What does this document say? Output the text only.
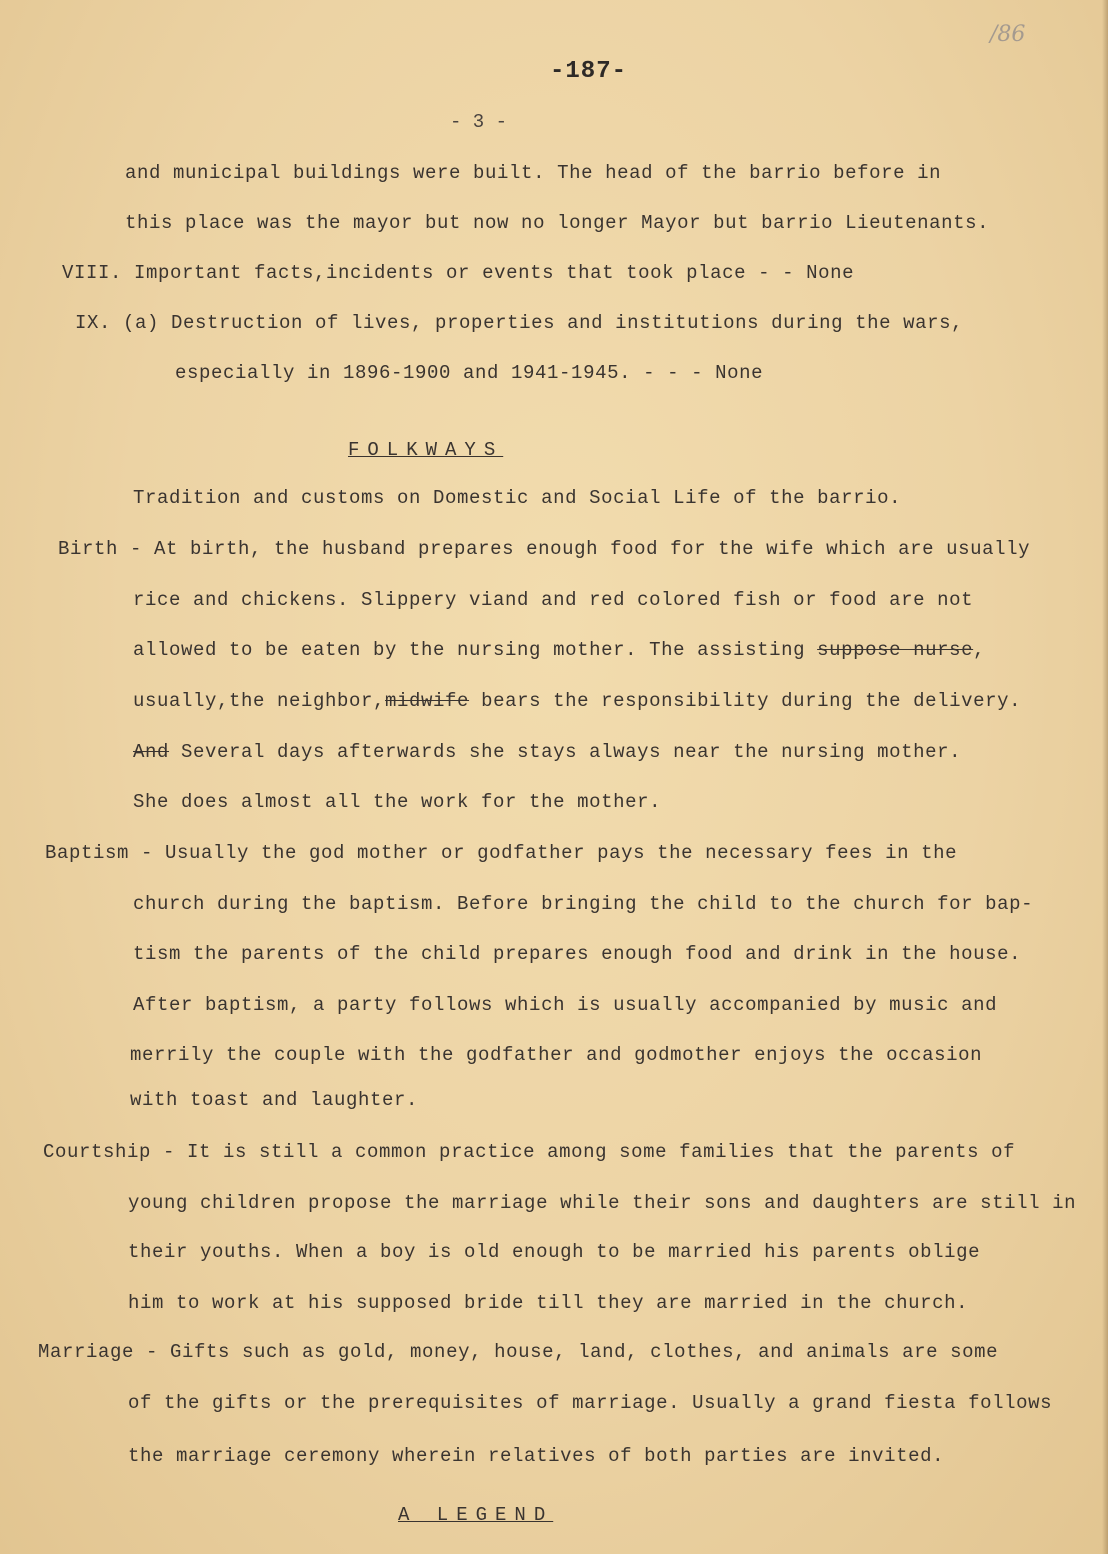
/86
-187-
- 3 -
and municipal buildings were built. The head of the barrio before in
this place was the mayor but now no longer Mayor but barrio Lieutenants.
VIII. Important facts,incidents or events that took place - - None
IX. (a) Destruction of lives, properties and institutions during the wars,
especially in 1896-1900 and 1941-1945. - - - None
FOLKWAYS
Tradition and customs on Domestic and Social Life of the barrio.
Birth - At birth, the husband prepares enough food for the wife which are usually
rice and chickens. Slippery viand and red colored fish or food are not
allowed to be eaten by the nursing mother. The assisting suppose nurse,
usually,the neighbor,midwife bears the responsibility during the delivery.
And Several days afterwards she stays always near the nursing mother.
She does almost all the work for the mother.
Baptism - Usually the god mother or godfather pays the necessary fees in the
church during the baptism. Before bringing the child to the church for bap-
tism the parents of the child prepares enough food and drink in the house.
After baptism, a party follows which is usually accompanied by music and
merrily the couple with the godfather and godmother enjoys the occasion
with toast and laughter.
Courtship - It is still a common practice among some families that the parents of
young children propose the marriage while their sons and daughters are still in
their youths. When a boy is old enough to be married his parents oblige
him to work at his supposed bride till they are married in the church.
Marriage - Gifts such as gold, money, house, land, clothes, and animals are some
of the gifts or the prerequisites of marriage. Usually a grand fiesta follows
the marriage ceremony wherein relatives of both parties are invited.
A LEGEND
